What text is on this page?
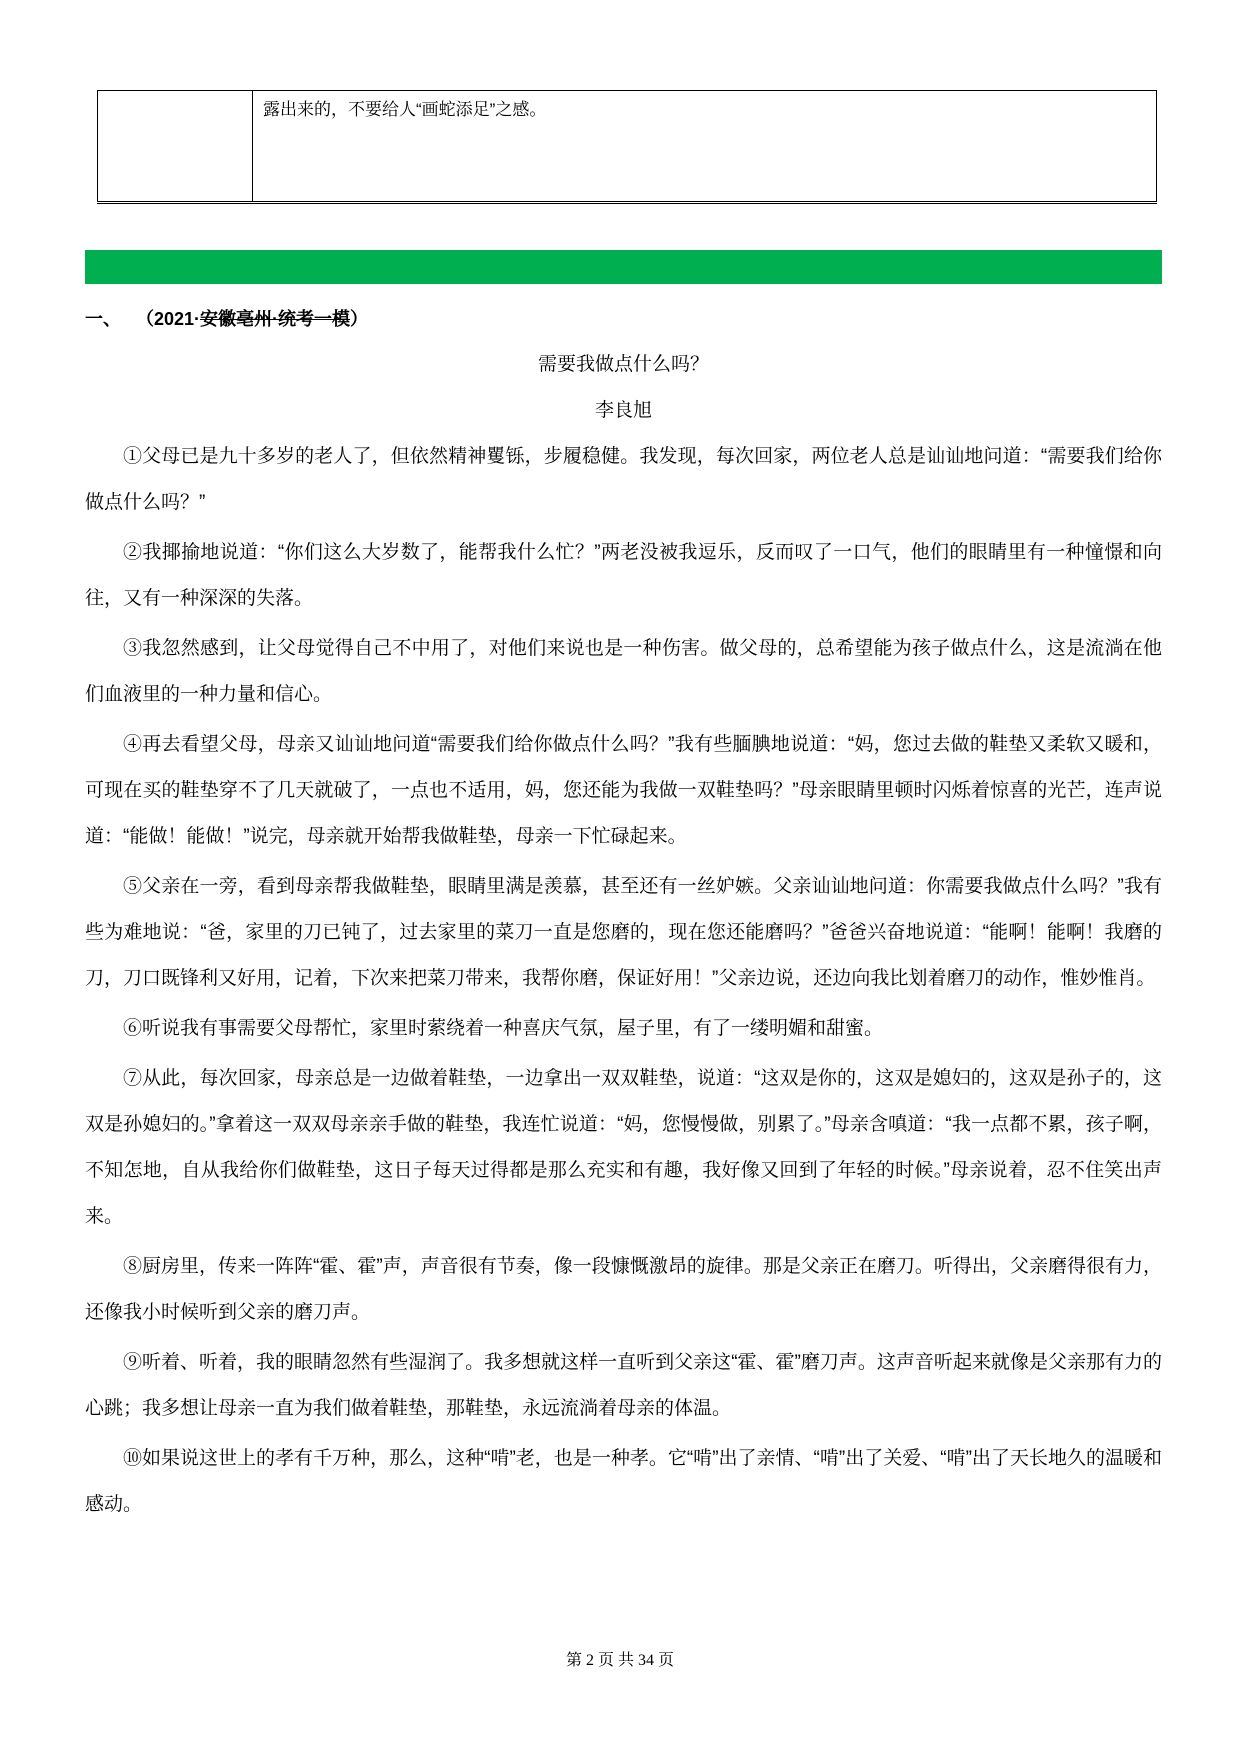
	露出来的，不要给人“画蛇添足”之感。
一、 （2021·安徽亳州·统考一模）
需要我做点什么吗？
李良旭

①父母已是九十多岁的老人了，但依然精神矍铄，步履稳健。我发现，每次回家，两位老人总是讪讪地问道：“需要我们给你做点什么吗？”

②我揶揄地说道：“你们这么大岁数了，能帮我什么忙？”两老没被我逗乐，反而叹了一口气，他们的眼睛里有一种憧憬和向往，又有一种深深的失落。

③我忽然感到，让父母觉得自己不中用了，对他们来说也是一种伤害。做父母的，总希望能为孩子做点什么，这是流淌在他们血液里的一种力量和信心。

④再去看望父母，母亲又讪讪地问道“需要我们给你做点什么吗？”我有些腼腆地说道：“妈，您过去做的鞋垫又柔软又暖和，可现在买的鞋垫穿不了几天就破了，一点也不适用，妈，您还能为我做一双鞋垫吗？”母亲眼睛里顿时闪烁着惊喜的光芒，连声说道：“能做！能做！”说完，母亲就开始帮我做鞋垫，母亲一下忙碌起来。

⑤父亲在一旁，看到母亲帮我做鞋垫，眼睛里满是羡慕，甚至还有一丝妒嫉。父亲讪讪地问道：你需要我做点什么吗？”我有些为难地说：“爸，家里的刀已钝了，过去家里的菜刀一直是您磨的，现在您还能磨吗？”爸爸兴奋地说道：“能啊！能啊！我磨的刀，刀口既锋利又好用，记着，下次来把菜刀带来，我帮你磨，保证好用！”父亲边说，还边向我比划着磨刀的动作，惟妙惟肖。

⑥听说我有事需要父母帮忙，家里时萦绕着一种喜庆气氛，屋子里，有了一缕明媚和甜蜜。

⑦从此，每次回家，母亲总是一边做着鞋垫，一边拿出一双双鞋垫，说道：“这双是你的，这双是媳妇的，这双是孙子的，这双是孙媳妇的。”拿着这一双双母亲亲手做的鞋垫，我连忙说道：“妈，您慢慢做，别累了。”母亲含嗔道：“我一点都不累，孩子啊，不知怎地，自从我给你们做鞋垫，这日子每天过得都是那么充实和有趣，我好像又回到了年轻的时候。”母亲说着，忍不住笑出声来。

⑧厨房里，传来一阵阵“霍、霍”声，声音很有节奏，像一段慷慨激昂的旋律。那是父亲正在磨刀。听得出，父亲磨得很有力，还像我小时候听到父亲的磨刀声。

⑨听着、听着，我的眼睛忽然有些湿润了。我多想就这样一直听到父亲这“霍、霍”磨刀声。这声音听起来就像是父亲那有力的心跳；我多想让母亲一直为我们做着鞋垫，那鞋垫，永远流淌着母亲的体温。

⑩如果说这世上的孝有千万种，那么，这种“啃”老，也是一种孝。它“啃”出了亲情、“啃”出了关爱、“啃”出了天长地久的温暖和感动。

第 2 页 共 34 页
